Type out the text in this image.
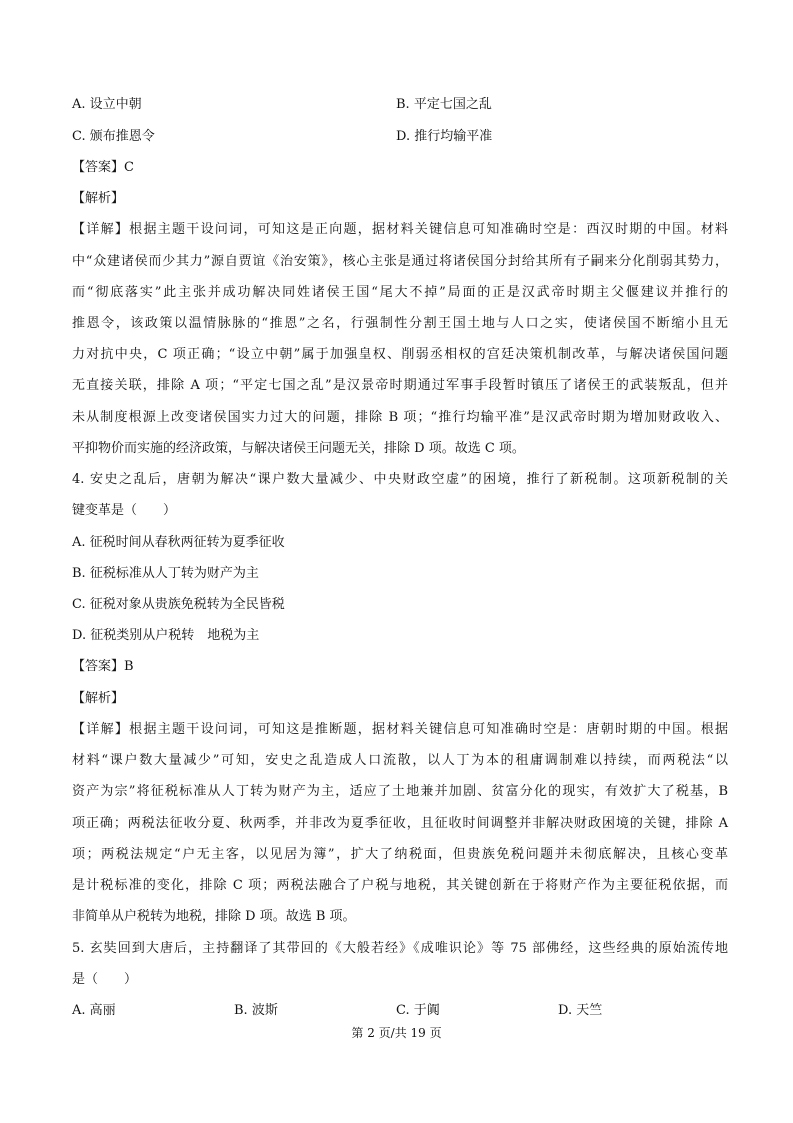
A. 设立中朝	B. 平定七国之乱
C. 颁布推恩令	D. 推行均输平准
【答案】C
【解析】
【详解】根据主题干设问词，可知这是正向题，据材料关键信息可知准确时空是：西汉时期的中国。材料
中“众建诸侯而少其力”源自贾谊《治安策》，核心主张是通过将诸侯国分封给其所有子嗣来分化削弱其势力，
而“彻底落实”此主张并成功解决同姓诸侯王国“尾大不掉”局面的正是汉武帝时期主父偃建议并推行的
推恩令，该政策以温情脉脉的“推恩”之名，行强制性分割王国土地与人口之实，使诸侯国不断缩小且无
力对抗中央，C 项正确；“设立中朝”属于加强皇权、削弱丞相权的宫廷决策机制改革，与解决诸侯国问题
无直接关联，排除 A 项；“平定七国之乱”是汉景帝时期通过军事手段暂时镇压了诸侯王的武装叛乱，但并
未从制度根源上改变诸侯国实力过大的问题，排除 B 项；“推行均输平准”是汉武帝时期为增加财政收入、
平抑物价而实施的经济政策，与解决诸侯王问题无关，排除 D 项。故选 C 项。
4. 安史之乱后，唐朝为解决“课户数大量减少、中央财政空虚”的困境，推行了新税制。这项新税制的关
键变革是（　　）
A. 征税时间从春秋两征转为夏季征收
B. 征税标准从人丁转为财产为主
C. 征税对象从贵族免税转为全民皆税
D. 征税类别从户税转　地税为主
【答案】B
【解析】
【详解】根据主题干设问词，可知这是推断题，据材料关键信息可知准确时空是：唐朝时期的中国。根据
材料“课户数大量减少”可知，安史之乱造成人口流散，以人丁为本的租庸调制难以持续，而两税法“以
资产为宗”将征税标准从人丁转为财产为主，适应了土地兼并加剧、贫富分化的现实，有效扩大了税基，B
项正确；两税法征收分夏、秋两季，并非改为夏季征收，且征收时间调整并非解决财政困境的关键，排除 A
项；两税法规定“户无主客，以见居为簿”，扩大了纳税面，但贵族免税问题并未彻底解决，且核心变革
是计税标准的变化，排除 C 项；两税法融合了户税与地税，其关键创新在于将财产作为主要征税依据，而
非简单从户税转为地税，排除 D 项。故选 B 项。
5. 玄奘回到大唐后，主持翻译了其带回的《大般若经》《成唯识论》等 75 部佛经，这些经典的原始流传地
是（　　）
A. 高丽	B. 波斯	C. 于阗	D. 天竺
第 2 页/共 19 页
